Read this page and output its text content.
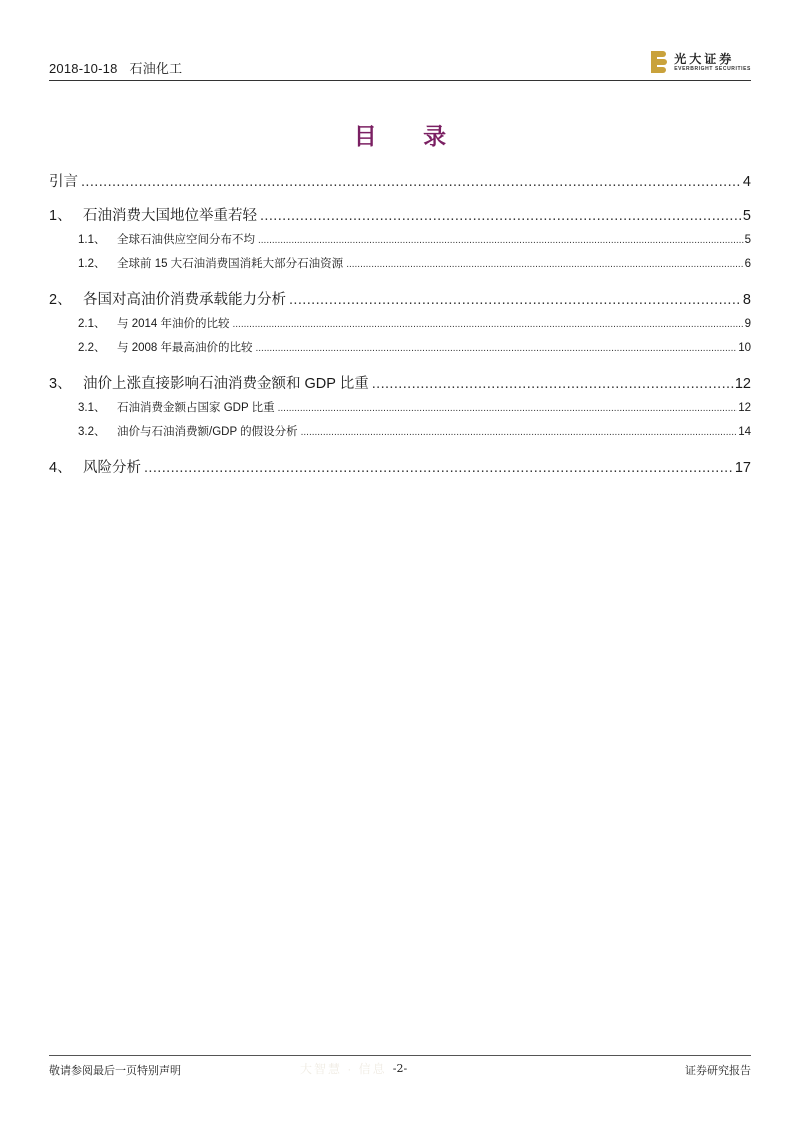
2018-10-18 石油化工
光大证券
EVERBRIGHT SECURITIES
目 录
引言 .....	4
1、 石油消费大国地位举重若轻 .....	5
1.1、	全球石油供应空间分布不均 .....	5
1.2、	全球前 15 大石油消费国消耗大部分石油资源 .....	6
2、 各国对高油价消费承载能力分析 .....	8
2.1、	与 2014 年油价的比较 .....	9
2.2、	与 2008 年最高油价的比较 .....	10
3、 油价上涨直接影响石油消费金额和 GDP 比重 .....	12
3.1、	石油消费金额占国家 GDP 比重 .....	12
3.2、	油价与石油消费额/GDP 的假设分析 .....	14
4、 风险分析 .....	17
大智慧 · 信息
敬请参阅最后一页特别声明	-2-	证券研究报告
